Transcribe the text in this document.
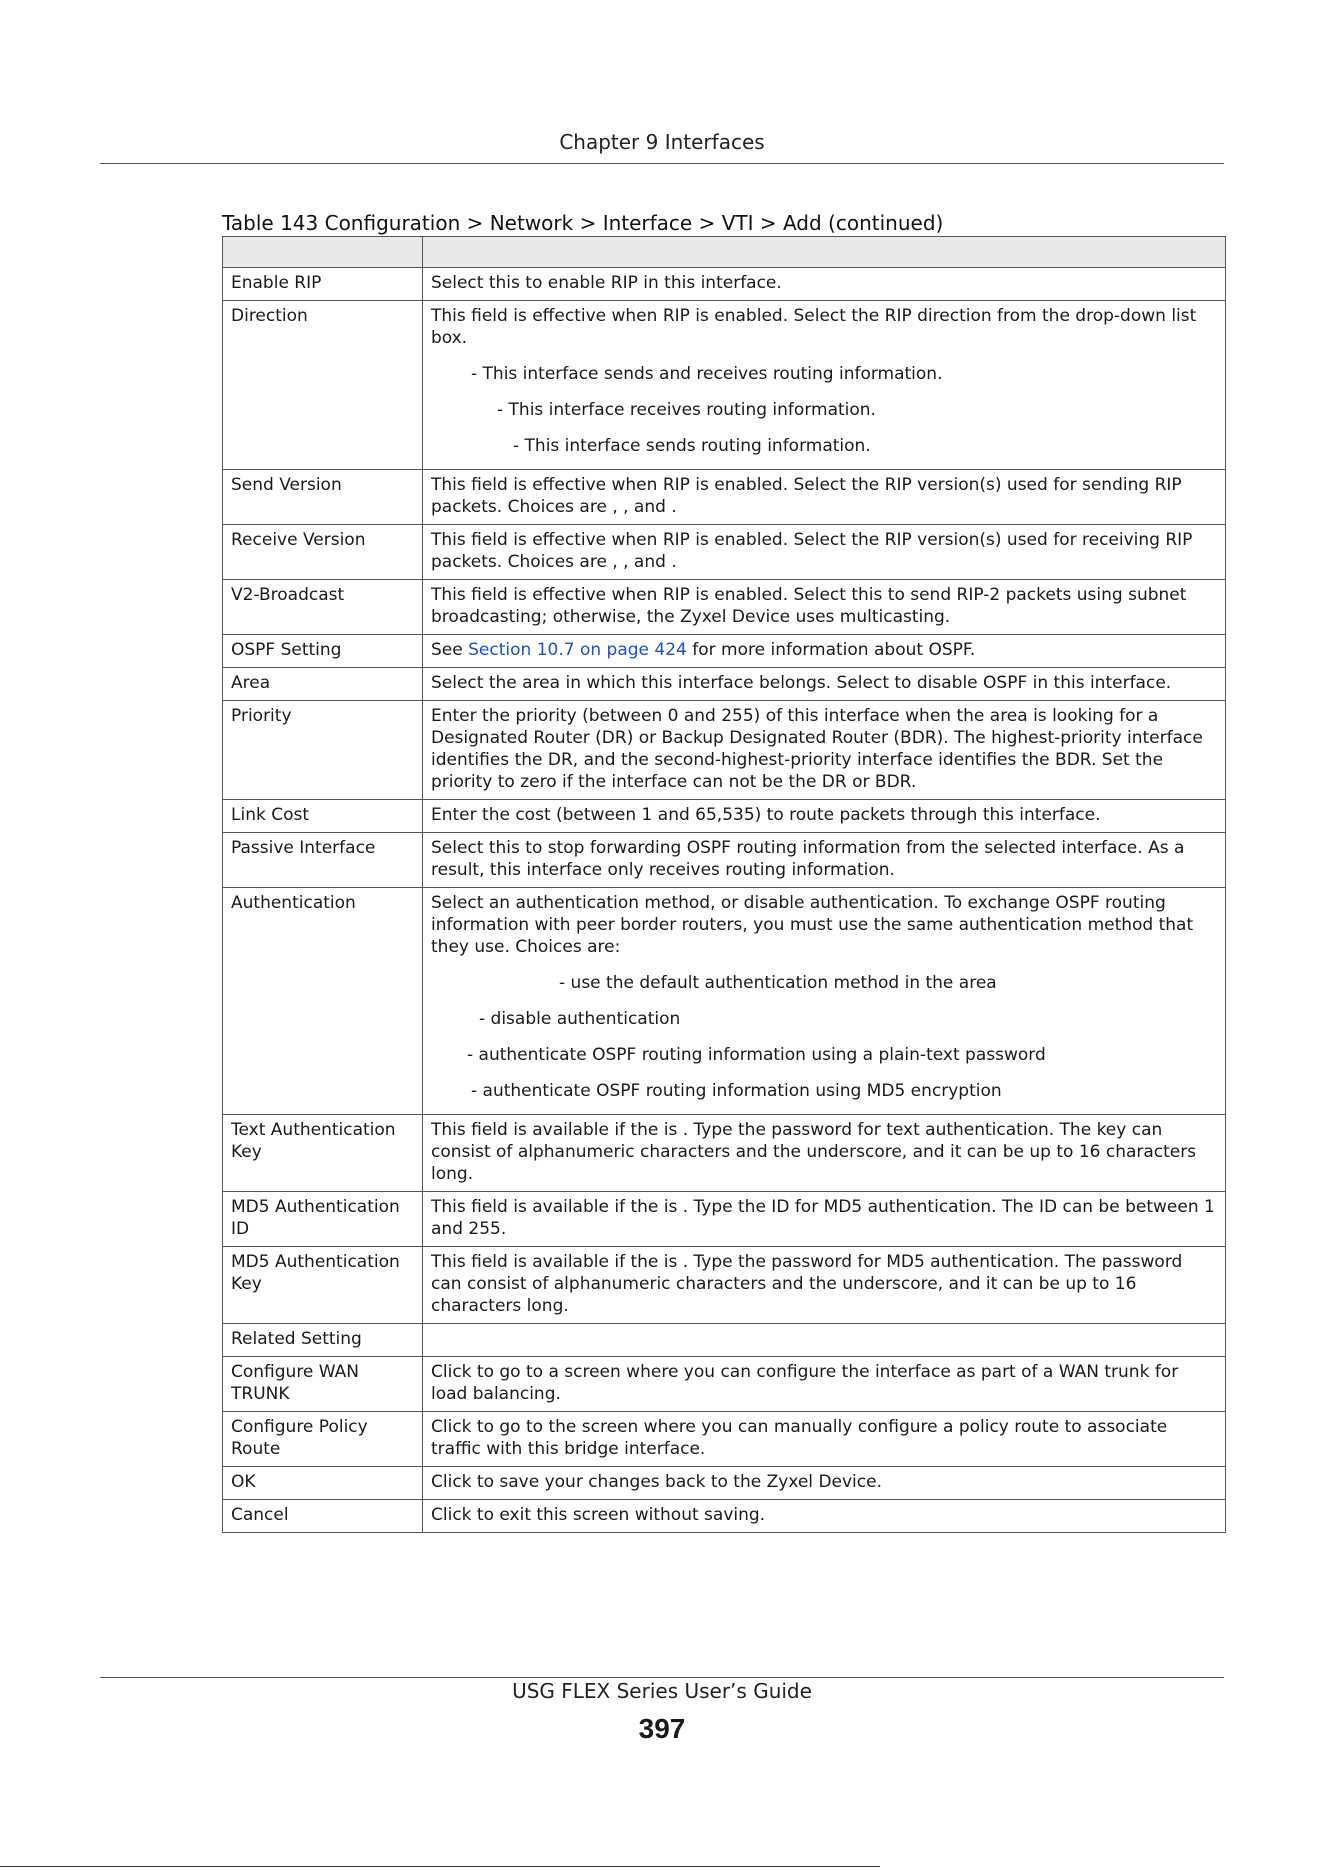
Chapter 9 Interfaces
Table 143 Configuration > Network > Interface > VTI > Add (continued)

Enable RIP	Select this to enable RIP in this interface.
Direction	This field is effective when RIP is enabled. Select the RIP direction from the drop-down list box.
- This interface sends and receives routing information.
- This interface receives routing information.
- This interface sends routing information.

Send Version	This field is effective when RIP is enabled. Select the RIP version(s) used for sending RIP packets. Choices are , , and .
Receive Version	This field is effective when RIP is enabled. Select the RIP version(s) used for receiving RIP packets. Choices are , , and .
V2-Broadcast	This field is effective when RIP is enabled. Select this to send RIP-2 packets using subnet broadcasting; otherwise, the Zyxel Device uses multicasting.
OSPF Setting	See Section 10.7 on page 424 for more information about OSPF.
Area	Select the area in which this interface belongs. Select to disable OSPF in this interface.
Priority	Enter the priority (between 0 and 255) of this interface when the area is looking for a Designated Router (DR) or Backup Designated Router (BDR). The highest-priority interface identifies the DR, and the second-highest-priority interface identifies the BDR. Set the priority to zero if the interface can not be the DR or BDR.
Link Cost	Enter the cost (between 1 and 65,535) to route packets through this interface.
Passive Interface	Select this to stop forwarding OSPF routing information from the selected interface. As a result, this interface only receives routing information.
Authentication	Select an authentication method, or disable authentication. To exchange OSPF routing information with peer border routers, you must use the same authentication method that they use. Choices are:
- use the default authentication method in the area
- disable authentication
- authenticate OSPF routing information using a plain-text password
- authenticate OSPF routing information using MD5 encryption

Text Authentication Key	This field is available if the is . Type the password for text authentication. The key can consist of alphanumeric characters and the underscore, and it can be up to 16 characters long.
MD5 Authentication ID	This field is available if the is . Type the ID for MD5 authentication. The ID can be between 1 and 255.
MD5 Authentication Key	This field is available if the is . Type the password for MD5 authentication. The password can consist of alphanumeric characters and the underscore, and it can be up to 16 characters long.
Related Setting	
Configure WAN TRUNK	Click to go to a screen where you can configure the interface as part of a WAN trunk for load balancing.
Configure Policy Route	Click to go to the screen where you can manually configure a policy route to associate traffic with this bridge interface.
OK	Click to save your changes back to the Zyxel Device.
Cancel	Click to exit this screen without saving.
USG FLEX Series User’s Guide
397
